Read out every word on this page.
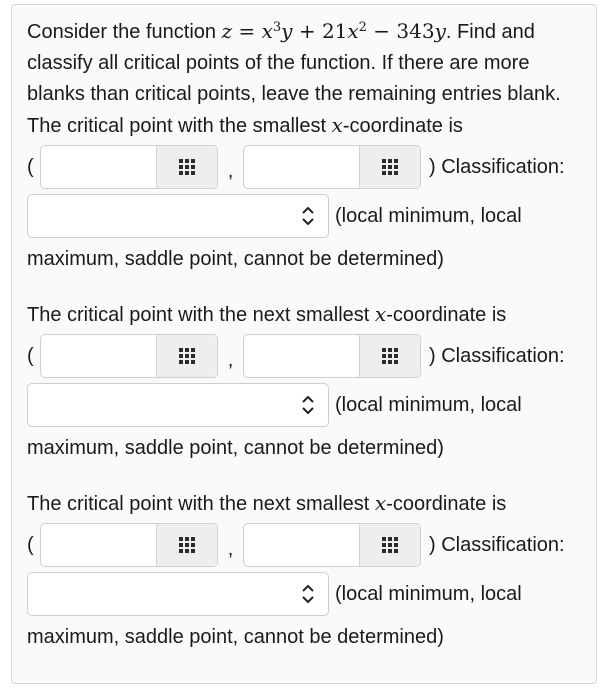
Consider the function $z = x^3y + 21x^2 - 343y$. Find and classify all critical points of the function. If there are more blanks than critical points, leave the remaining entries blank. The critical point with the smallest x-coordinate is

(	,	) Classification:
(local minimum, local

maximum, saddle point, cannot be determined)

The critical point with the next smallest x-coordinate is

(	,	) Classification:
(local minimum, local

maximum, saddle point, cannot be determined)

The critical point with the next smallest x-coordinate is

(	,	) Classification:
(local minimum, local

maximum, saddle point, cannot be determined)
